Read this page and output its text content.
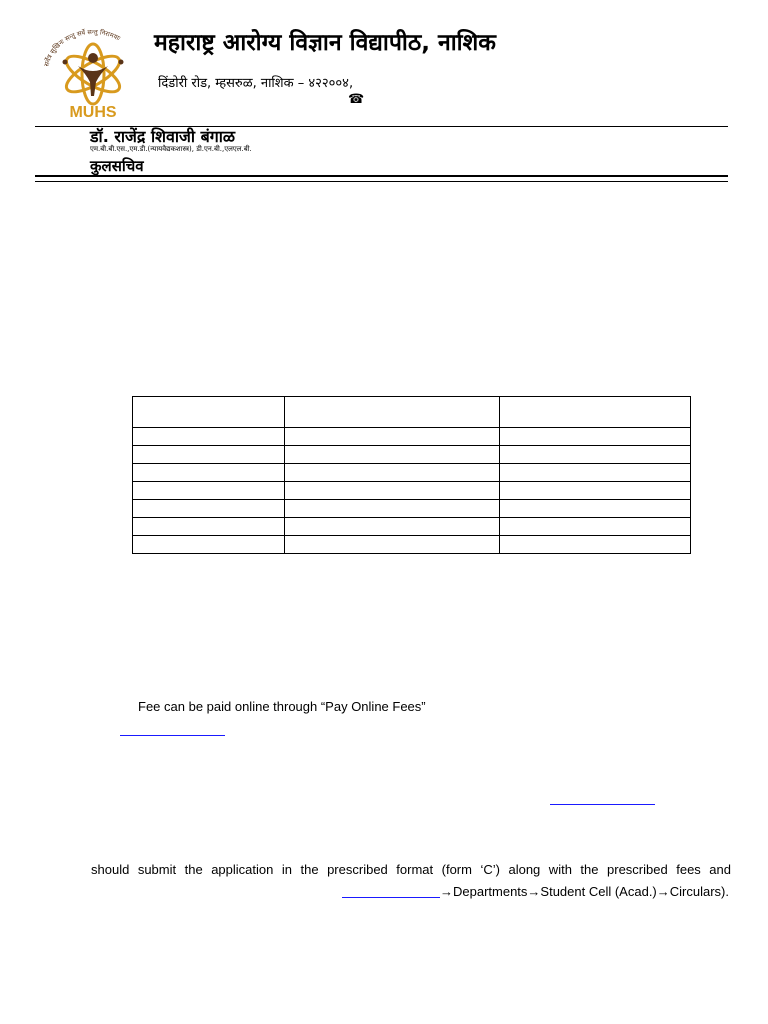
सर्वेत्र सुखिनः सन्तु सर्वे सन्तु निरामयाः
MUHS
महाराष्ट्र आरोग्य विज्ञान विद्यापीठ, नाशिक
दिंडोरी रोड, म्हसरुळ, नाशिक – ४२२००४,
☎
डॉ. राजेंद्र शिवाजी बंगाळ
एम.बी.बी.एस.,एम.डी.(न्यायवैद्यकशास्त्र), डी.एन.बी.,एलएल.बी.
कुलसचिव

Fee can be paid online through “Pay Online Fees”
should submit the application in the prescribed format (form ‘C’) along with the prescribed fees and
→Departments→Student Cell (Acad.)→Circulars).
